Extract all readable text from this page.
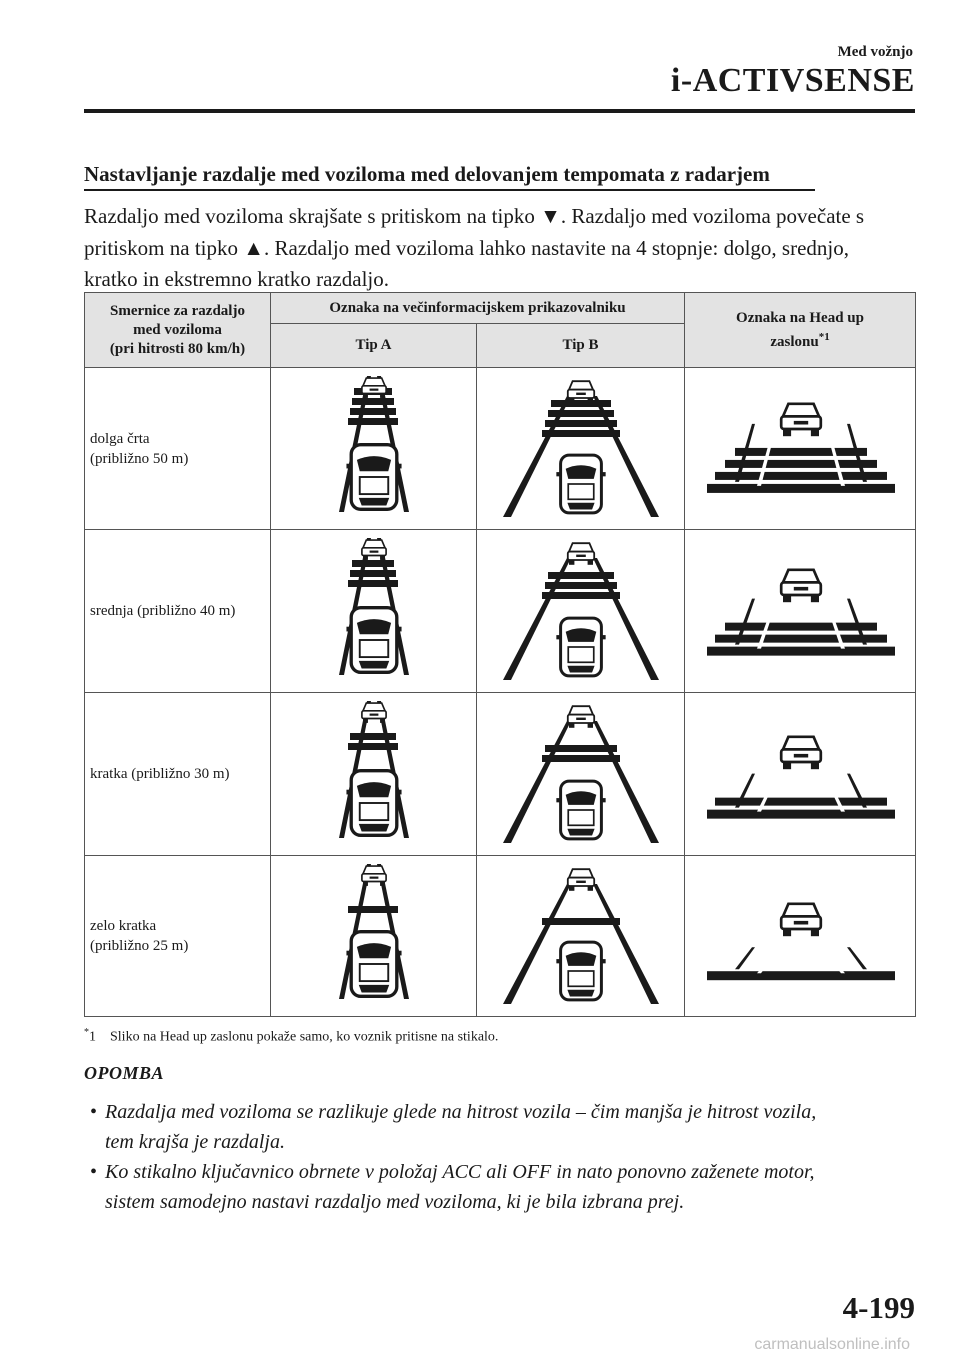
Med vožnjo
i-ACTIVSENSE
Nastavljanje razdalje med voziloma med delovanjem tempomata z radarjem
Razdaljo med voziloma skrajšate s pritiskom na tipko ▼. Razdaljo med voziloma povečate s
pritiskom na tipko ▲. Razdaljo med voziloma lahko nastavite na 4 stopnje: dolgo, srednjo,
kratko in ekstremno kratko razdaljo.
Smernice za razdaljo
med voziloma
(pri hitrosti 80 km/h)	Oznaka na večinformacijskem prikazovalniku		Oznaka na Head up
zaslonu$^{*1}$

	Tip A	Tip B	

dolga črta
(približno 50 m)

srednja (približno 40 m)

kratka (približno 30 m)

zelo kratka
(približno 25 m)

*1 Sliko na Head up zaslonu pokaže samo, ko voznik pritisne na stikalo.
OPOMBA
• Razdalja med voziloma se razlikuje glede na hitrost vozila – čim manjša je hitrost vozila,
tem krajša je razdalja.
• Ko stikalno ključavnico obrnete v položaj ACC ali OFF in nato ponovno zaženete motor,
sistem samodejno nastavi razdaljo med voziloma, ki je bila izbrana prej.
4-199
carmanualsonline.info
